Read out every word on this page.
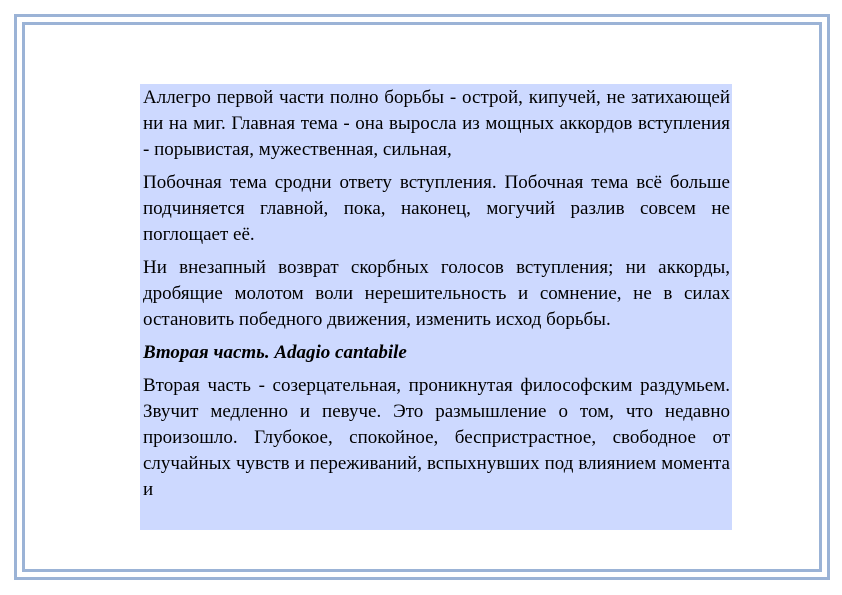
Аллегро первой части полно борьбы - острой, кипучей, не затихающей ни на миг. Главная тема - она выросла из мощных аккордов вступления - порывистая, мужественная, сильная,

Побочная тема сродни ответу вступления. Побочная тема всё больше подчиняется главной, пока, наконец, могучий разлив совсем не поглощает её.

Ни внезапный возврат скорбных голосов вступления; ни аккорды, дробящие молотом воли нерешительность и сомнение, не в силах остановить победного движения, изменить исход борьбы.

Вторая часть. Adagio cantabile

Вторая часть - созерцательная, проникнутая философским раздумьем. Звучит медленно и певуче. Это размышление о том, что недавно произошло. Глубокое, спокойное, беспристрастное, свободное от случайных чувств и переживаний, вспыхнувших под влиянием момента и
